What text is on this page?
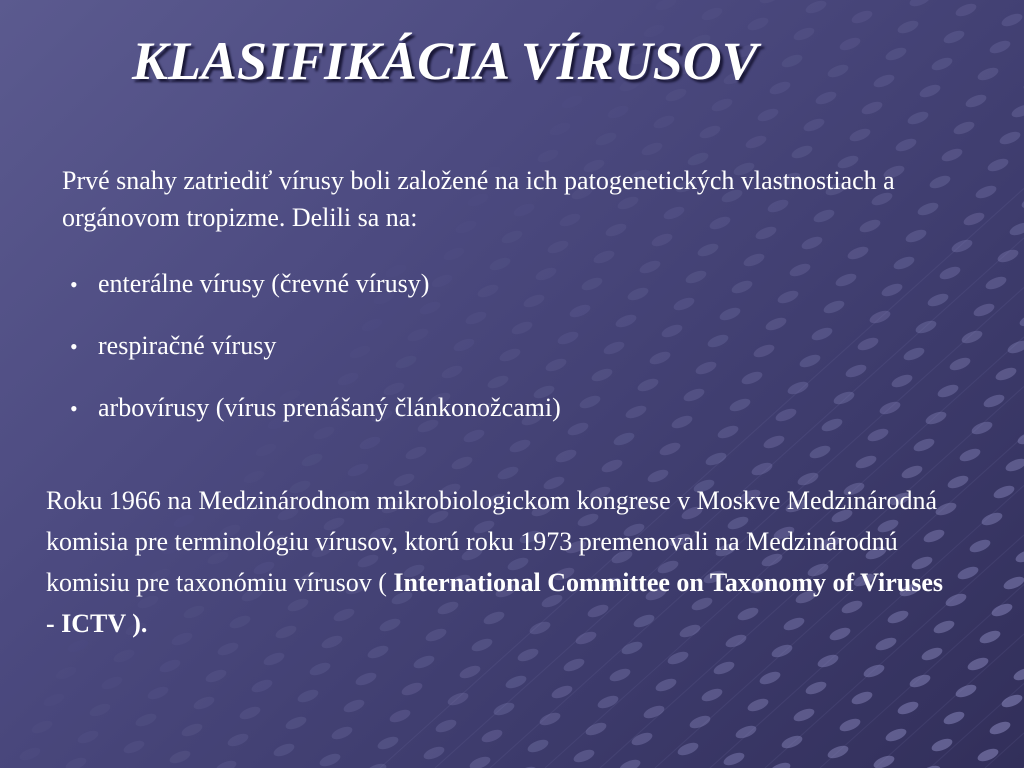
KLASIFIKÁCIA VÍRUSOV

Prvé snahy zatriediť vírusy boli založené na ich patogenetických vlastnostiach a orgánovom tropizme. Delili sa na:

• enterálne vírusy (črevné vírusy)
• respiračné vírusy
• arbovírusy (vírus prenášaný článkonožcami)

Roku 1966 na Medzinárodnom mikrobiologickom kongrese v Moskve Medzinárodná komisia pre terminológiu vírusov, ktorú roku 1973 premenovali na Medzinárodnú komisiu pre taxonómiu vírusov ( International Committee on Taxonomy of Viruses - ICTV ).
